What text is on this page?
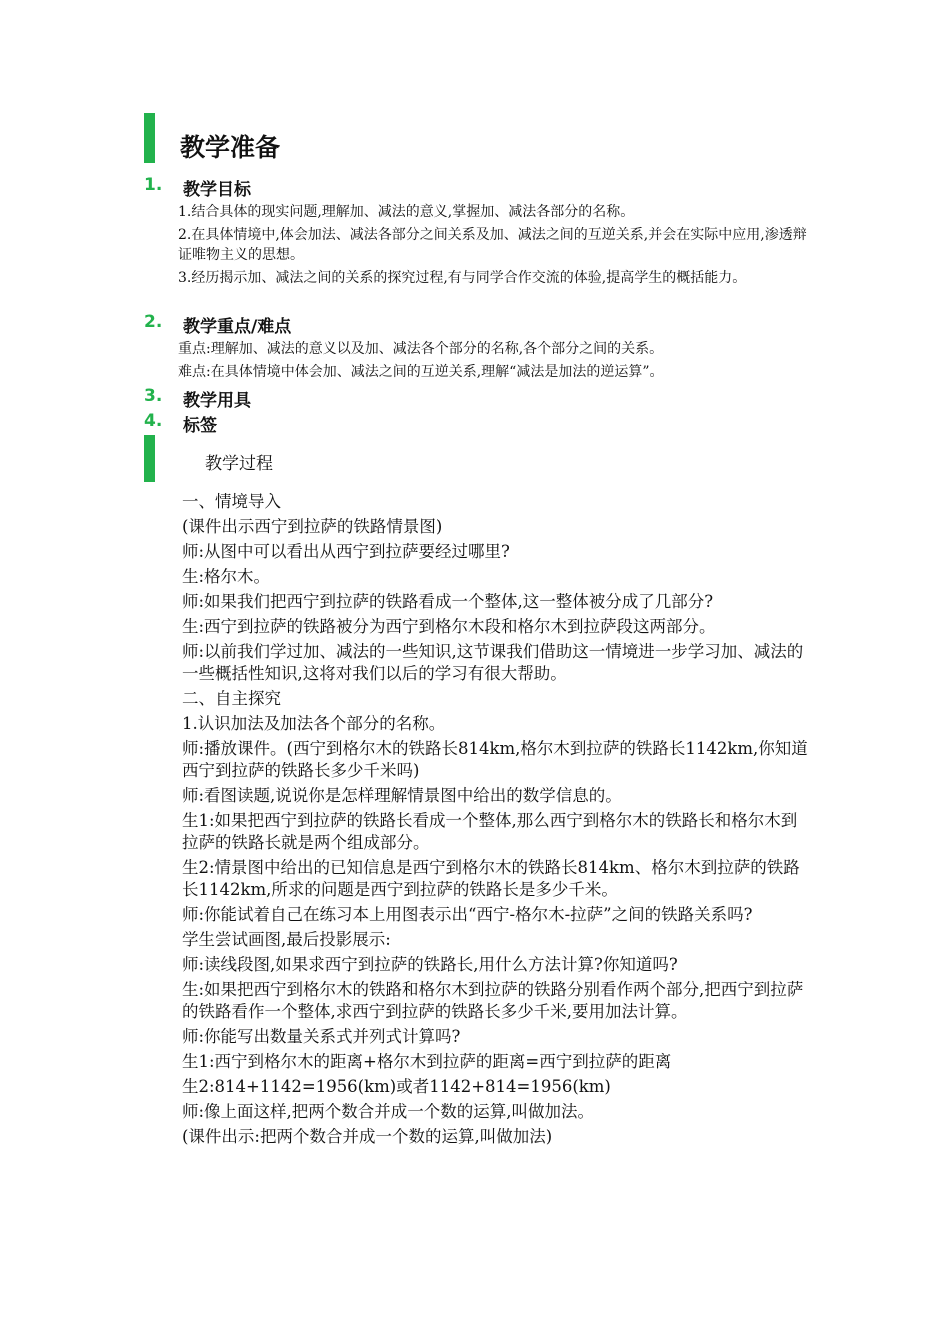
教学准备
1. 教学目标
1.结合具体的现实问题,理解加、减法的意义,掌握加、减法各部分的名称。
2.在具体情境中,体会加法、减法各部分之间关系及加、减法之间的互逆关系,并会在实际中应用,渗透辩证唯物主义的思想。
3.经历揭示加、减法之间的关系的探究过程,有与同学合作交流的体验,提高学生的概括能力。
2. 教学重点/难点
重点:理解加、减法的意义以及加、减法各个部分的名称,各个部分之间的关系。
难点:在具体情境中体会加、减法之间的互逆关系,理解“减法是加法的逆运算”。
3. 教学用具
4. 标签
教学过程
一、情境导入
(课件出示西宁到拉萨的铁路情景图)
师:从图中可以看出从西宁到拉萨要经过哪里?
生:格尔木。
师:如果我们把西宁到拉萨的铁路看成一个整体,这一整体被分成了几部分?
生:西宁到拉萨的铁路被分为西宁到格尔木段和格尔木到拉萨段这两部分。
师:以前我们学过加、减法的一些知识,这节课我们借助这一情境进一步学习加、减法的一些概括性知识,这将对我们以后的学习有很大帮助。
二、自主探究
1.认识加法及加法各个部分的名称。
师:播放课件。(西宁到格尔木的铁路长814km,格尔木到拉萨的铁路长1142km,你知道西宁到拉萨的铁路长多少千米吗)
师:看图读题,说说你是怎样理解情景图中给出的数学信息的。
生1:如果把西宁到拉萨的铁路长看成一个整体,那么西宁到格尔木的铁路长和格尔木到拉萨的铁路长就是两个组成部分。
生2:情景图中给出的已知信息是西宁到格尔木的铁路长814km、格尔木到拉萨的铁路长1142km,所求的问题是西宁到拉萨的铁路长是多少千米。
师:你能试着自己在练习本上用图表示出“西宁-格尔木-拉萨”之间的铁路关系吗?
学生尝试画图,最后投影展示:
师:读线段图,如果求西宁到拉萨的铁路长,用什么方法计算?你知道吗?
生:如果把西宁到格尔木的铁路和格尔木到拉萨的铁路分别看作两个部分,把西宁到拉萨的铁路看作一个整体,求西宁到拉萨的铁路长多少千米,要用加法计算。
师:你能写出数量关系式并列式计算吗?
生1:西宁到格尔木的距离+格尔木到拉萨的距离=西宁到拉萨的距离
生2:814+1142=1956(km)或者1142+814=1956(km)
师:像上面这样,把两个数合并成一个数的运算,叫做加法。
(课件出示:把两个数合并成一个数的运算,叫做加法)
